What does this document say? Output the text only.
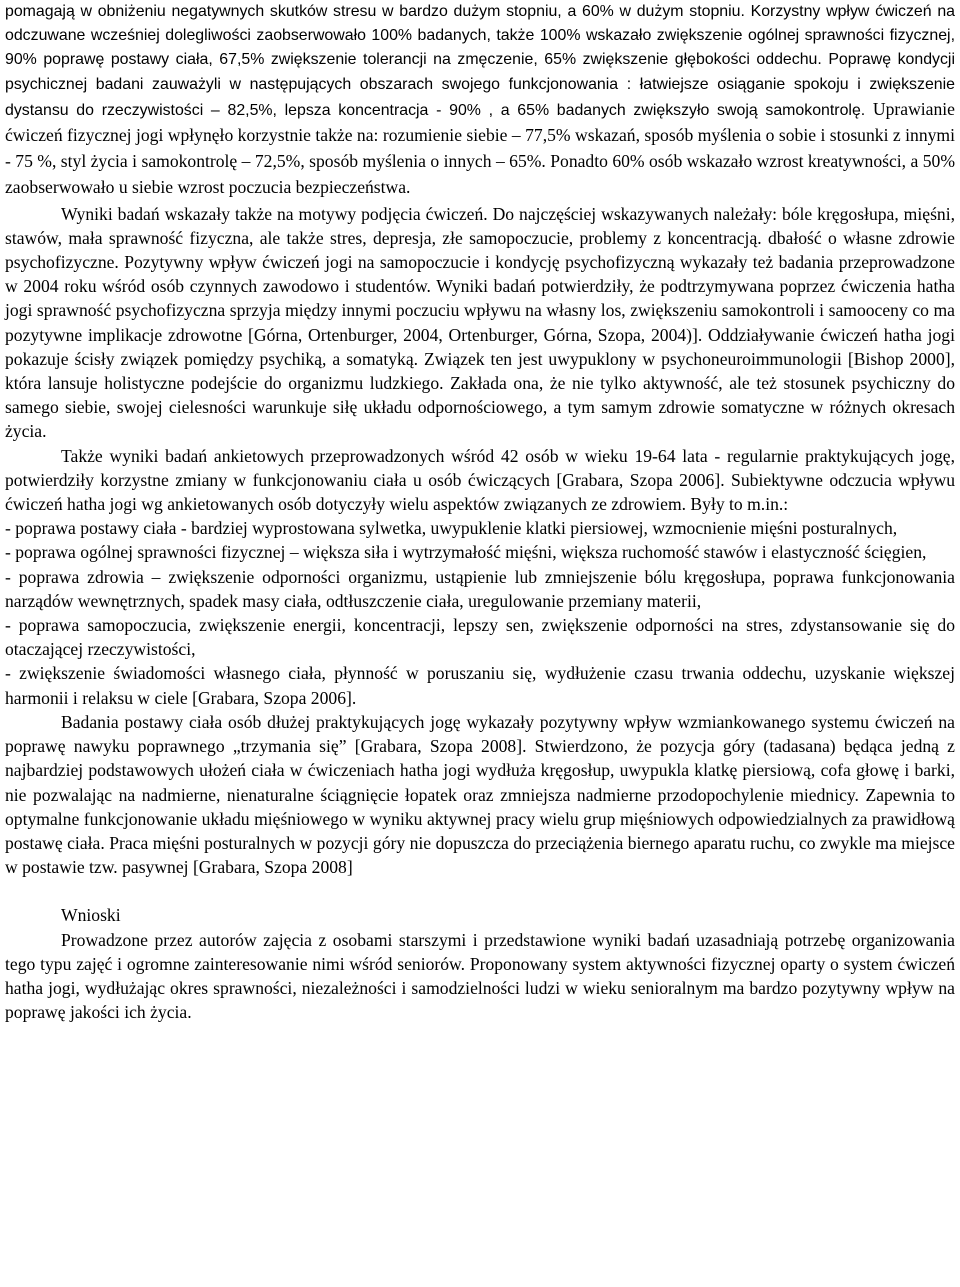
pomagają w obniżeniu negatywnych skutków stresu w bardzo dużym stopniu, a 60% w dużym stopniu. Korzystny wpływ ćwiczeń na odczuwane wcześniej dolegliwości zaobserwowało 100% badanych, także 100% wskazało zwiększenie ogólnej sprawności fizycznej, 90% poprawę postawy ciała, 67,5% zwiększenie tolerancji na zmęczenie, 65% zwiększenie głębokości oddechu. Poprawę kondycji psychicznej badani zauważyli w następujących obszarach swojego funkcjonowania : łatwiejsze osiąganie spokoju i zwiększenie dystansu do rzeczywistości – 82,5%, lepsza koncentracja - 90% , a 65% badanych zwiększyło swoją samokontrolę. Uprawianie ćwiczeń fizycznej jogi wpłynęło korzystnie także na: rozumienie siebie – 77,5% wskazań, sposób myślenia o sobie i stosunki z innymi - 75 %, styl życia i samokontrolę – 72,5%, sposób myślenia o innych – 65%. Ponadto 60% osób wskazało wzrost kreatywności, a 50% zaobserwowało u siebie wzrost poczucia bezpieczeństwa.

Wyniki badań wskazały także na motywy podjęcia ćwiczeń. Do najczęściej wskazywanych należały: bóle kręgosłupa, mięśni, stawów, mała sprawność fizyczna, ale także stres, depresja, złe samopoczucie, problemy z koncentracją. dbałość o własne zdrowie psychofizyczne. Pozytywny wpływ ćwiczeń jogi na samopoczucie i kondycję psychofizyczną wykazały też badania przeprowadzone w 2004 roku wśród osób czynnych zawodowo i studentów. Wyniki badań potwierdziły, że podtrzymywana poprzez ćwiczenia hatha jogi sprawność psychofizyczna sprzyja między innymi poczuciu wpływu na własny los, zwiększeniu samokontroli i samooceny co ma pozytywne implikacje zdrowotne [Górna, Ortenburger, 2004, Ortenburger, Górna, Szopa, 2004)]. Oddziaływanie ćwiczeń hatha jogi pokazuje ścisły związek pomiędzy psychiką, a somatyką. Związek ten jest uwypuklony w psychoneuroimmunologii [Bishop 2000], która lansuje holistyczne podejście do organizmu ludzkiego. Zakłada ona, że nie tylko aktywność, ale też stosunek psychiczny do samego siebie, swojej cielesności warunkuje siłę układu odpornościowego, a tym samym zdrowie somatyczne w różnych okresach życia.

Także wyniki badań ankietowych przeprowadzonych wśród 42 osób w wieku 19-64 lata - regularnie praktykujących jogę, potwierdziły korzystne zmiany w funkcjonowaniu ciała u osób ćwiczących [Grabara, Szopa 2006]. Subiektywne odczucia wpływu ćwiczeń hatha jogi wg ankietowanych osób dotyczyły wielu aspektów związanych ze zdrowiem. Były to m.in.:

- poprawa postawy ciała - bardziej wyprostowana sylwetka, uwypuklenie klatki piersiowej, wzmocnienie mięśni posturalnych,

- poprawa ogólnej sprawności fizycznej – większa siła i wytrzymałość mięśni, większa ruchomość stawów i elastyczność ścięgien,

- poprawa zdrowia – zwiększenie odporności organizmu, ustąpienie lub zmniejszenie bólu kręgosłupa, poprawa funkcjonowania narządów wewnętrznych, spadek masy ciała, odtłuszczenie ciała, uregulowanie przemiany materii,

- poprawa samopoczucia, zwiększenie energii, koncentracji, lepszy sen, zwiększenie odporności na stres, zdystansowanie się do otaczającej rzeczywistości,

- zwiększenie świadomości własnego ciała, płynność w poruszaniu się, wydłużenie czasu trwania oddechu, uzyskanie większej harmonii i relaksu w ciele [Grabara, Szopa 2006].

Badania postawy ciała osób dłużej praktykujących jogę wykazały pozytywny wpływ wzmiankowanego systemu ćwiczeń na poprawę nawyku poprawnego „trzymania się” [Grabara, Szopa 2008]. Stwierdzono, że pozycja góry (tadasana) będąca jedną z najbardziej podstawowych ułożeń ciała w ćwiczeniach hatha jogi wydłuża kręgosłup, uwypukla klatkę piersiową, cofa głowę i barki, nie pozwalając na nadmierne, nienaturalne ściągnięcie łopatek oraz zmniejsza nadmierne przodopochylenie miednicy. Zapewnia to optymalne funkcjonowanie układu mięśniowego w wyniku aktywnej pracy wielu grup mięśniowych odpowiedzialnych za prawidłową postawę ciała. Praca mięśni posturalnych w pozycji góry nie dopuszcza do przeciążenia biernego aparatu ruchu, co zwykle ma miejsce w postawie tzw. pasywnej [Grabara, Szopa 2008]

Wnioski

Prowadzone przez autorów zajęcia z osobami starszymi i przedstawione wyniki badań uzasadniają potrzebę organizowania tego typu zajęć i ogromne zainteresowanie nimi wśród seniorów. Proponowany system aktywności fizycznej oparty o system ćwiczeń hatha jogi, wydłużając okres sprawności, niezależności i samodzielności ludzi w wieku senioralnym ma bardzo pozytywny wpływ na poprawę jakości ich życia.
